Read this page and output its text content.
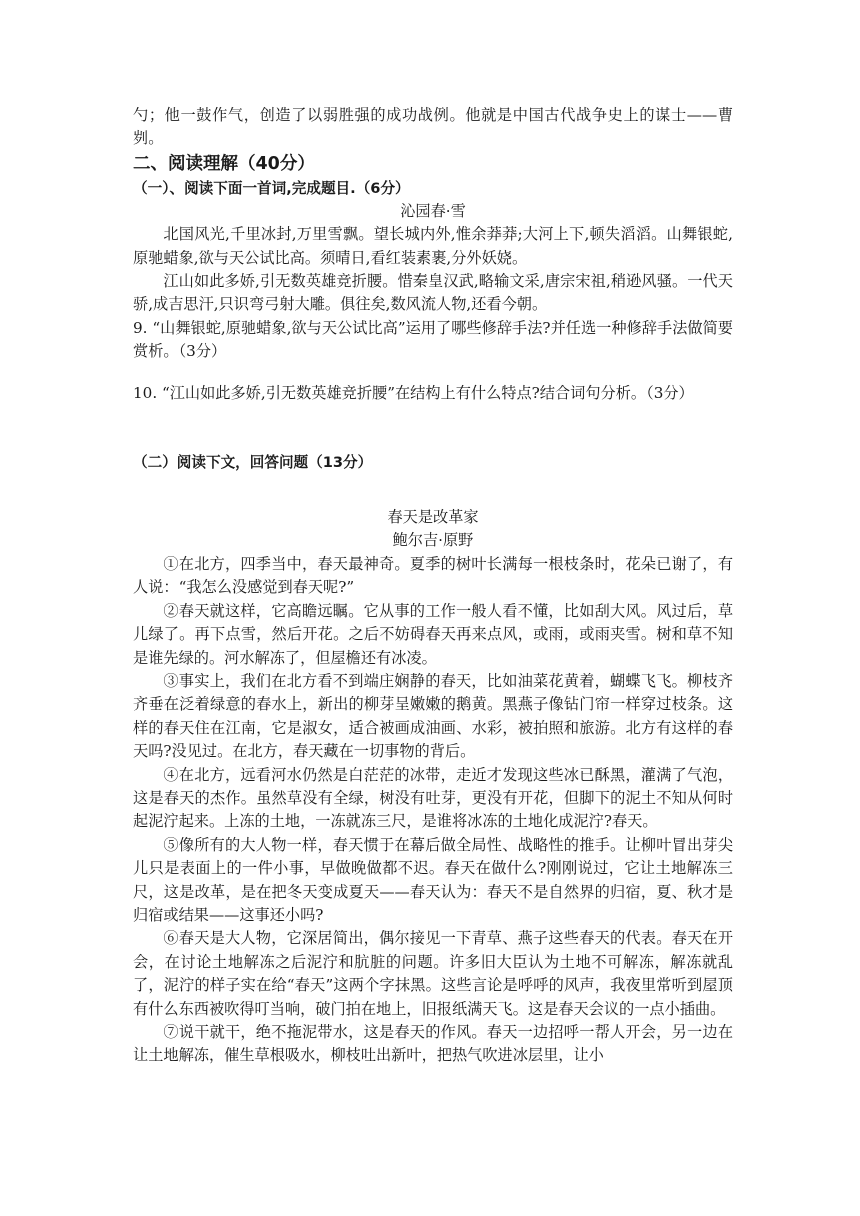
勺；他一鼓作气，创造了以弱胜强的成功战例。他就是中国古代战争史上的谋士——曹刿。

二、阅读理解（40分）

（一）、阅读下面一首词,完成题目.（6分）

沁园春·雪

北国风光,千里冰封,万里雪飘。望长城内外,惟余莽莽;大河上下,顿失滔滔。山舞银蛇,原驰蜡象,欲与天公试比高。须晴日,看红装素裹,分外妖娆。

江山如此多娇,引无数英雄竞折腰。惜秦皇汉武,略输文采,唐宗宋祖,稍逊风骚。一代天骄,成吉思汗,只识弯弓射大雕。俱往矣,数风流人物,还看今朝。

9. “山舞银蛇,原驰蜡象,欲与天公试比高”运用了哪些修辞手法?并任选一种修辞手法做简要赏析。（3分）

10. “江山如此多娇,引无数英雄竞折腰”在结构上有什么特点?结合词句分析。（3分）

（二）阅读下文，回答问题（13分）

春天是改革家

鲍尔吉·原野

①在北方，四季当中，春天最神奇。夏季的树叶长满每一根枝条时，花朵已谢了，有人说：“我怎么没感觉到春天呢?”

②春天就这样，它高瞻远瞩。它从事的工作一般人看不懂，比如刮大风。风过后，草儿绿了。再下点雪，然后开花。之后不妨碍春天再来点风，或雨，或雨夹雪。树和草不知是谁先绿的。河水解冻了，但屋檐还有冰凌。

③事实上，我们在北方看不到端庄娴静的春天，比如油菜花黄着，蝴蝶飞飞。柳枝齐齐垂在泛着绿意的春水上，新出的柳芽呈嫩嫩的鹅黄。黑燕子像钻门帘一样穿过枝条。这样的春天住在江南，它是淑女，适合被画成油画、水彩，被拍照和旅游。北方有这样的春天吗?没见过。在北方，春天藏在一切事物的背后。

④在北方，远看河水仍然是白茫茫的冰带，走近才发现这些冰已酥黑，灌满了气泡，这是春天的杰作。虽然草没有全绿，树没有吐芽，更没有开花，但脚下的泥土不知从何时起泥泞起来。上冻的土地，一冻就冻三尺，是谁将冰冻的土地化成泥泞?春天。

⑤像所有的大人物一样，春天惯于在幕后做全局性、战略性的推手。让柳叶冒出芽尖儿只是表面上的一件小事，早做晚做都不迟。春天在做什么?刚刚说过，它让土地解冻三尺，这是改革，是在把冬天变成夏天——春天认为：春天不是自然界的归宿，夏、秋才是归宿或结果——这事还小吗?

⑥春天是大人物，它深居简出，偶尔接见一下青草、燕子这些春天的代表。春天在开会，在讨论土地解冻之后泥泞和肮脏的问题。许多旧大臣认为土地不可解冻，解冻就乱了，泥泞的样子实在给“春天”这两个字抹黑。这些言论是呼呼的风声，我夜里常听到屋顶有什么东西被吹得叮当响，破门拍在地上，旧报纸满天飞。这是春天会议的一点小插曲。

⑦说干就干，绝不拖泥带水，这是春天的作风。春天一边招呼一帮人开会，另一边在让土地解冻，催生草根吸水，柳枝吐出新叶，把热气吹进冰层里，让小
